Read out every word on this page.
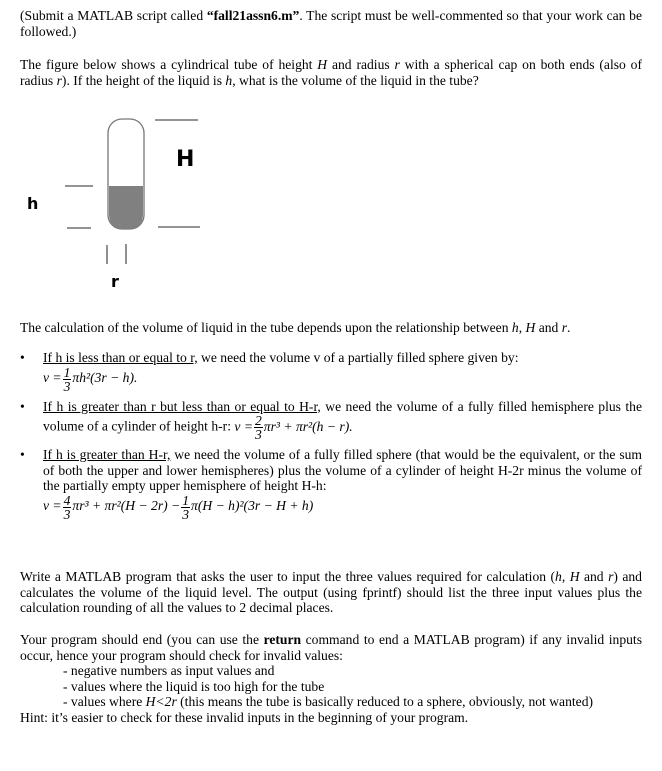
(Submit a MATLAB script called “fall21assn6.m”. The script must be well-commented so that your work can be followed.)
The figure below shows a cylindrical tube of height H and radius r with a spherical cap on both ends (also of radius r). If the height of the liquid is h, what is the volume of the liquid in the tube?
H
h
r
The calculation of the volume of liquid in the tube depends upon the relationship between h, H and r.
• If h is less than or equal to r, we need the volume v of a partially filled sphere given by:
$v = \frac{1}{3} \pi h^2(3r - h)$.
• If h is greater than r but less than or equal to H-r, we need the volume of a fully filled hemisphere plus the volume of a cylinder of height h-r: $v = \frac{2}{3} \pi r^3 + \pi r^2(h - r)$.
• If h is greater than H-r, we need the volume of a fully filled sphere (that would be the equivalent, or the sum of both the upper and lower hemispheres) plus the volume of a cylinder of height H-2r minus the volume of the partially empty upper hemisphere of height H-h:
$v = \frac{4}{3} \pi r^3 + \pi r^2(H - 2r) - \frac{1}{3} \pi(H - h)^2(3r - H + h)$
Write a MATLAB program that asks the user to input the three values required for calculation (h, H and r) and calculates the volume of the liquid level. The output (using fprintf) should list the three input values plus the calculation rounding of all the values to 2 decimal places.
Your program should end (you can use the return command to end a MATLAB program) if any invalid inputs occur, hence your program should check for invalid values:
- negative numbers as input values and
- values where the liquid is too high for the tube
- values where H<2r (this means the tube is basically reduced to a sphere, obviously, not wanted)
Hint: it’s easier to check for these invalid inputs in the beginning of your program.
